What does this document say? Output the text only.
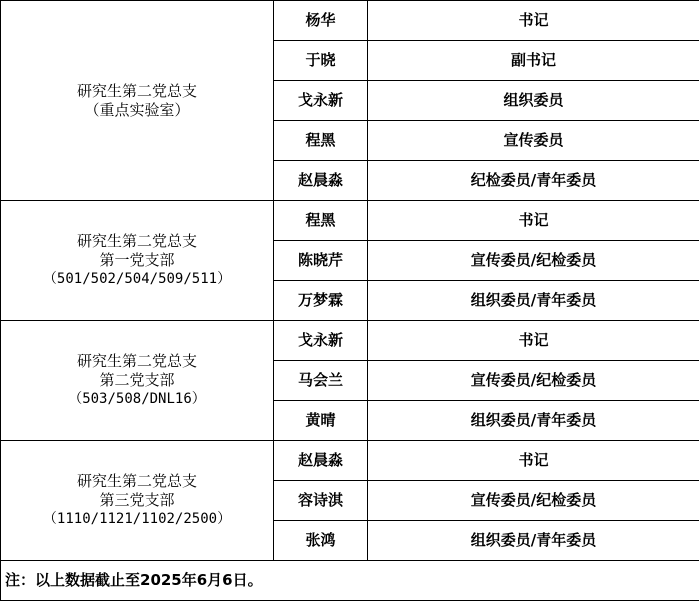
研究生第二党总支
（重点实验室）	杨华	书记
	于晓	副书记
	戈永新	组织委员
	程黑	宣传委员
	赵晨淼	纪检委员/青年委员

研究生第二党总支
第一党支部
（501/502/504/509/511）	程黑	书记
	陈晓芹	宣传委员/纪检委员
	万梦霖	组织委员/青年委员

研究生第二党总支
第二党支部
（503/508/DNL16）	戈永新	书记
	马会兰	宣传委员/纪检委员
	黄晴	组织委员/青年委员

研究生第二党总支
第三党支部
（1110/1121/1102/2500）	赵晨淼	书记
	容诗淇	宣传委员/纪检委员
	张鸿	组织委员/青年委员
注：以上数据截止至2025年6月6日。		
